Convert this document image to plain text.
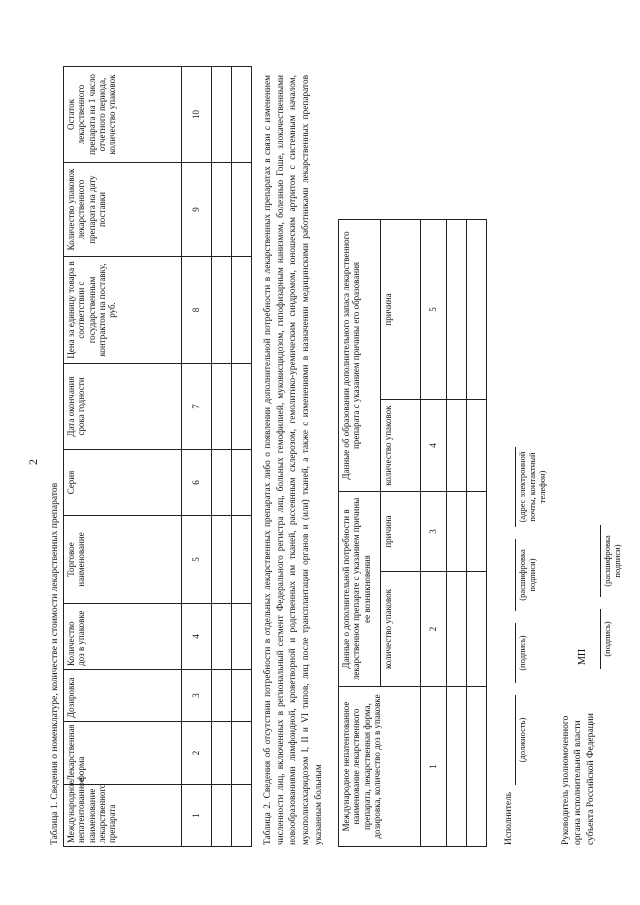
2
Таблица 1. Сведения о номенклатуре, количестве и стоимости лекарственных препаратов Международное непатентованное наименование лекарственного препарата	Лекарственная форма	Дозировка	Количество доз в упаковке	Торговое наименование	Серия	Дата окончания срока годности	Цена за единицу товара в соответствии с государственным контрактом на поставку, руб.	Количество упаковок лекарственного препарата на дату поставки	Остаток лекарственного препарата на 1 число отчетного периода, количество упаковок
1	2	3	4	5	6	7	8	9	10

										Таблица 2. Сведения об отсутствии потребности в отдельных лекарственных препаратах либо о появлении дополнительной потребности в лекарственных препаратах в связи с изменением численности лиц, включенных в региональный сегмент Федерального регистра лиц, больных гемофилией, муковисцидозом, гипофизарным нанизмом, болезнью Гоше, злокачественными новообразованиями лимфоидной, кроветворной и родственных им тканей, рассеянным склерозом, гемолитико-уремическим синдромом, юношеским артритом с системным началом, мукополисахаридозом I, II и VI типов, лиц после трансплантации органов и (или) тканей, а также с изменениями в назначении медицинскими работниками лекарственных препаратов указанным больным Международное непатентованное наименование лекарственного препарата, лекарственная форма, дозировка, количество доз в упаковке	Данные о дополнительной потребности в лекарственном препарате с указанием причины ее возникновения		Данные об образовании дополнительного запаса лекарственного препарата с указанием причины его образования	
	количество упаковок	причина	количество упаковок	причина
1	2	3	4	5

Исполнитель
(должность)
(подпись)
(расшифровка подписи)
(адрес электронной почты, контактный телефон)
Руководитель уполномоченного органа исполнительной власти субъекта Российской Федерации
МП
(подпись)
(расшифровка подписи)
